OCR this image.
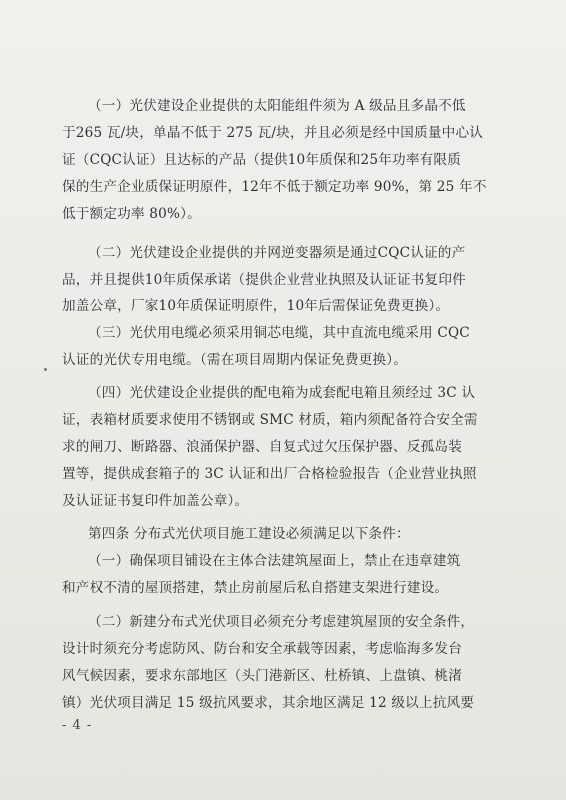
（一）光伏建设企业提供的太阳能组件须为 A 级品且多晶不低
于265 瓦/块，单晶不低于 275 瓦/块，并且必须是经中国质量中心认
证（CQC认证）且达标的产品（提供10年质保和25年功率有限质
保的生产企业质保证明原件，12年不低于额定功率 90%，第 25 年不
低于额定功率 80%）。
（二）光伏建设企业提供的并网逆变器须是通过CQC认证的产
品，并且提供10年质保承诺（提供企业营业执照及认证证书复印件
加盖公章，厂家10年质保证明原件，10年后需保证免费更换）。
（三）光伏用电缆必须采用铜芯电缆，其中直流电缆采用 CQC
认证的光伏专用电缆。（需在项目周期内保证免费更换）。
（四）光伏建设企业提供的配电箱为成套配电箱且须经过 3C 认
证，表箱材质要求使用不锈钢或 SMC 材质，箱内须配备符合安全需
求的闸刀、断路器、浪涌保护器、自复式过欠压保护器、反孤岛装
置等，提供成套箱子的 3C 认证和出厂合格检验报告（企业营业执照
及认证证书复印件加盖公章）。
第四条 分布式光伏项目施工建设必须满足以下条件：
（一）确保项目铺设在主体合法建筑屋面上，禁止在违章建筑
和产权不清的屋顶搭建，禁止房前屋后私自搭建支架进行建设。
（二）新建分布式光伏项目必须充分考虑建筑屋顶的安全条件，
设计时须充分考虑防风、防台和安全承载等因素，考虑临海多发台
风气候因素，要求东部地区（头门港新区、杜桥镇、上盘镇、桃渚
镇）光伏项目满足 15 级抗风要求，其余地区满足 12 级以上抗风要
- 4 -
